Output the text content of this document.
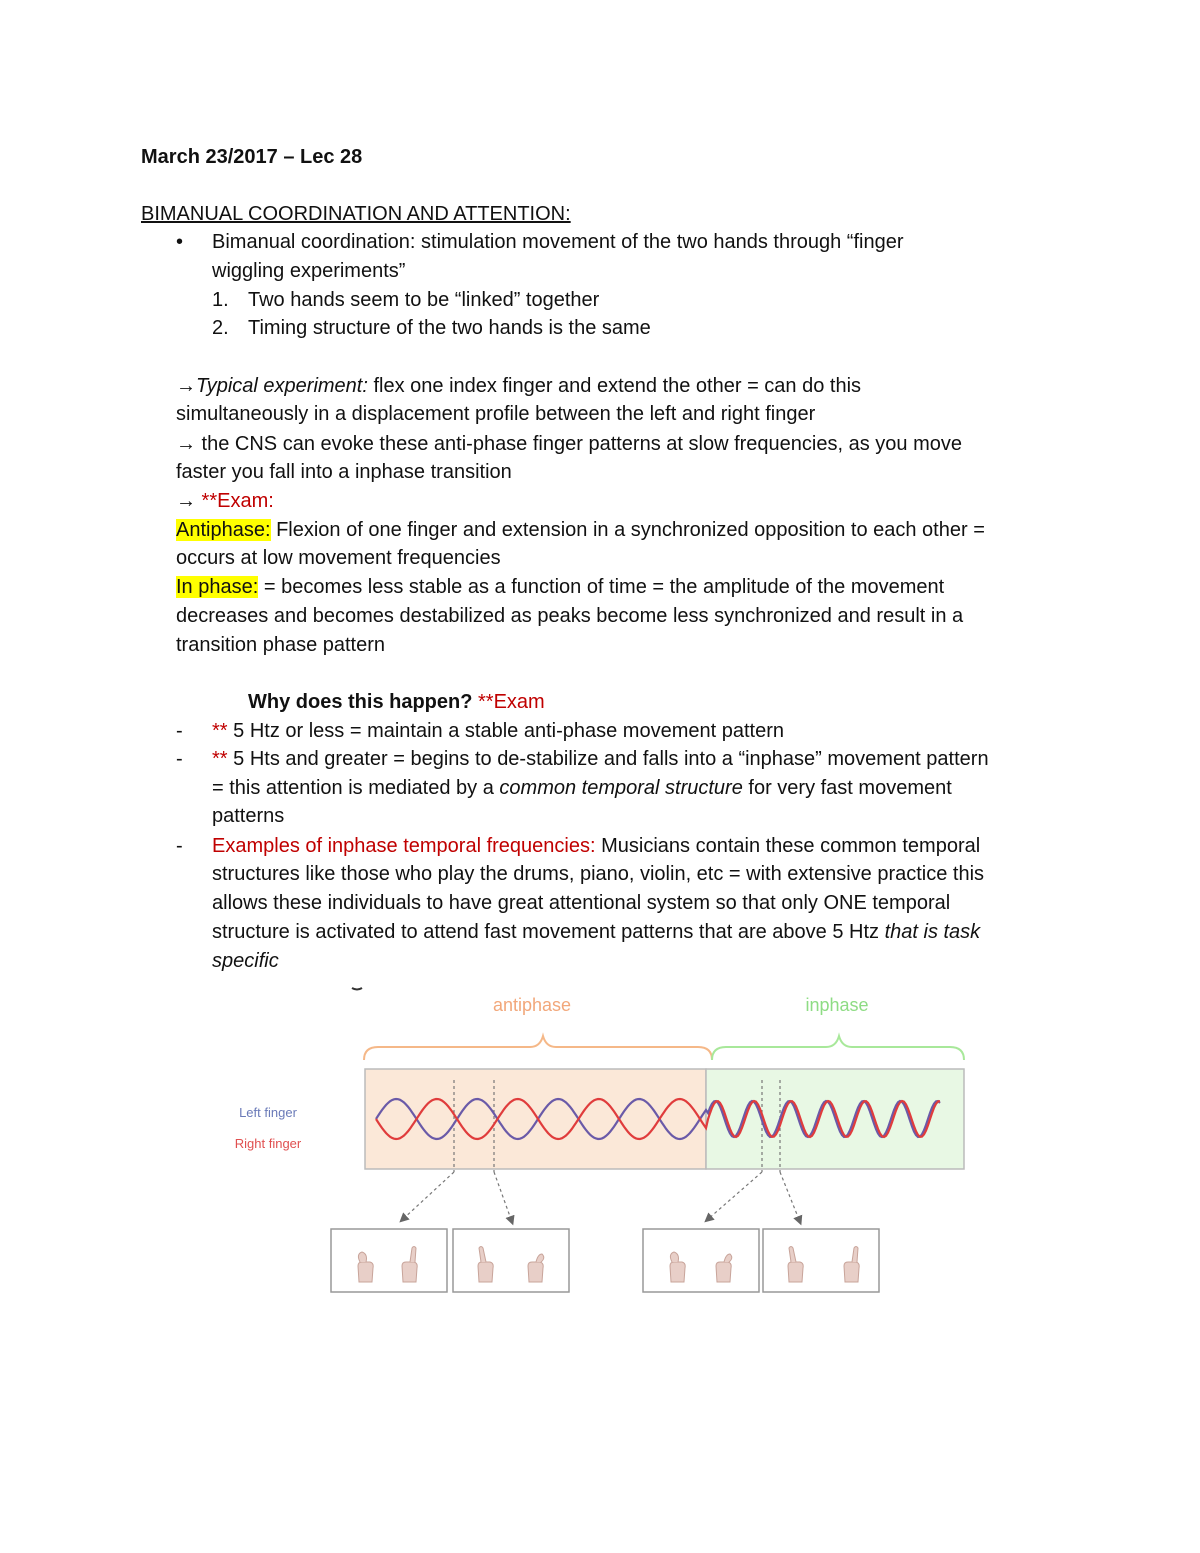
March 23/2017 – Lec 28
BIMANUAL COORDINATION AND ATTENTION:
• Bimanual coordination: stimulation movement of the two hands through “finger
wiggling experiments”
1. Two hands seem to be “linked” together
2. Timing structure of the two hands is the same
→Typical experiment: flex one index finger and extend the other = can do this
simultaneously in a displacement profile between the left and right finger
→ the CNS can evoke these anti-phase finger patterns at slow frequencies, as you move
faster you fall into a inphase transition
→ **Exam:
Antiphase: Flexion of one finger and extension in a synchronized opposition to each other =
occurs at low movement frequencies
In phase: = becomes less stable as a function of time = the amplitude of the movement
decreases and becomes destabilized as peaks become less synchronized and result in a
transition phase pattern
Why does this happen? **Exam
- ** 5 Htz or less = maintain a stable anti-phase movement pattern
- ** 5 Hts and greater = begins to de-stabilize and falls into a “inphase” movement pattern
= this attention is mediated by a common temporal structure for very fast movement
patterns
- Examples of inphase temporal frequencies: Musicians contain these common temporal
structures like those who play the drums, piano, violin, etc = with extensive practice this
allows these individuals to have great attentional system so that only ONE temporal
structure is activated to attend fast movement patterns that are above 5 Htz that is task
specific
antiphase	inphase
Left finger
Right finger
